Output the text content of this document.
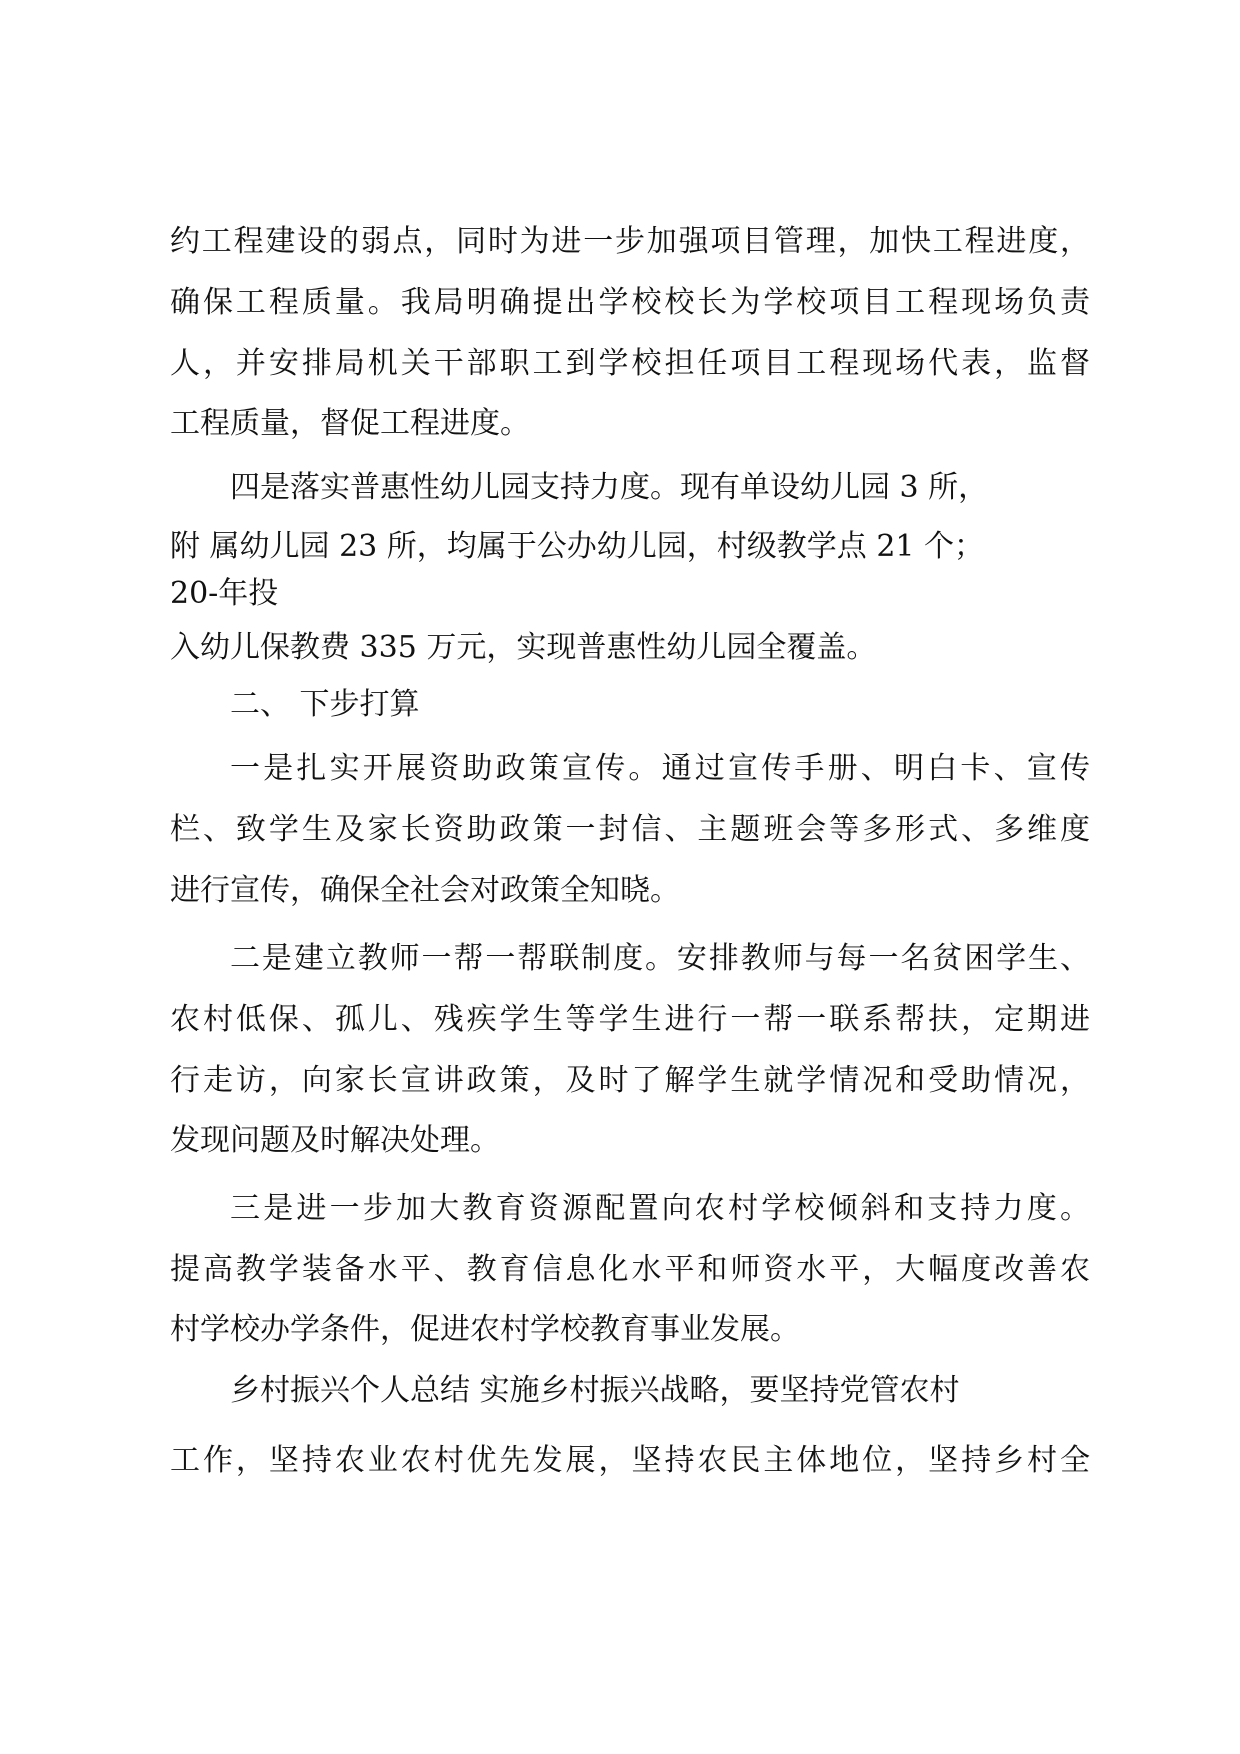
约工程建设的弱点，同时为进一步加强项目管理，加快工程进度，

确保工程质量。我局明确提出学校校长为学校项目工程现场负责

人，并安排局机关干部职工到学校担任项目工程现场代表，监督

工程质量，督促工程进度。

四是落实普惠性幼儿园支持力度。现有单设幼儿园 3 所，

附 属幼儿园 23 所，均属于公办幼儿园，村级教学点 21 个；

20-年投

入幼儿保教费 335 万元，实现普惠性幼儿园全覆盖。

二、 下步打算

一是扎实开展资助政策宣传。通过宣传手册、明白卡、宣传

栏、致学生及家长资助政策一封信、主题班会等多形式、多维度

进行宣传，确保全社会对政策全知晓。

二是建立教师一帮一帮联制度。安排教师与每一名贫困学生、

农村低保、孤儿、残疾学生等学生进行一帮一联系帮扶，定期进

行走访，向家长宣讲政策，及时了解学生就学情况和受助情况，

发现问题及时解决处理。

三是进一步加大教育资源配置向农村学校倾斜和支持力度。

提高教学装备水平、教育信息化水平和师资水平，大幅度改善农

村学校办学条件，促进农村学校教育事业发展。

乡村振兴个人总结 实施乡村振兴战略，要坚持党管农村

工作，坚持农业农村优先发展，坚持农民主体地位，坚持乡村全
